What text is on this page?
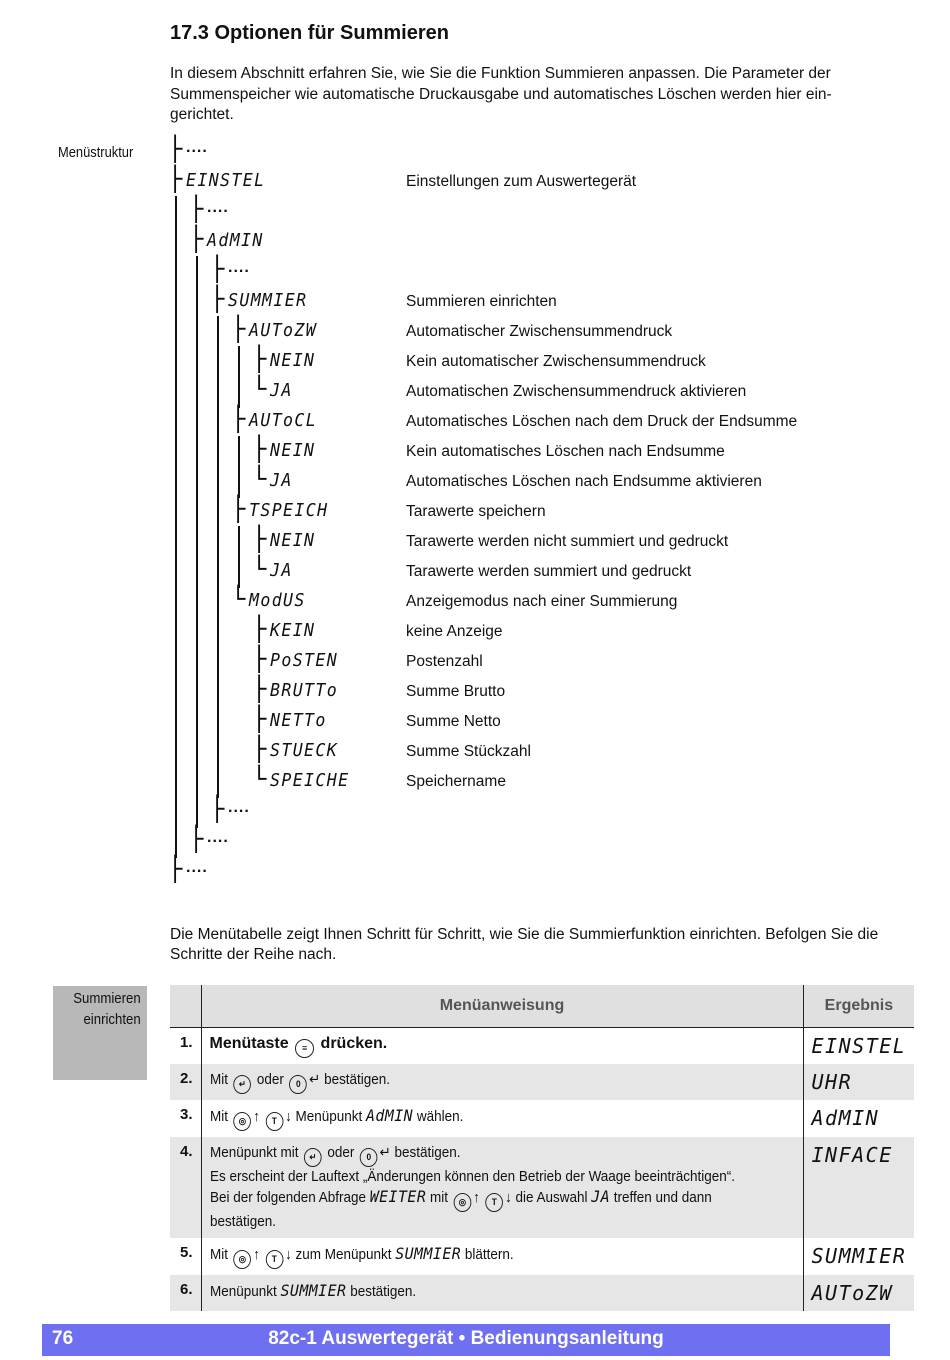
17.3 Optionen für Summieren
In diesem Abschnitt erfahren Sie, wie Sie die Funktion Summieren anpassen. Die Parameter der Summenspeicher wie automatische Druckausgabe und automatisches Löschen werden hier ein-gerichtet.
Menüstruktur ├ ....
├ EINSTEL	Einstellungen zum Auswertegerät
├ ....
├ AdMIN
├ ....
├ SUMMIER	Summieren einrichten
├ AUToZW	Automatischer Zwischensummendruck
├ NEIN	Kein automatischer Zwischensummendruck
└ JA	Automatischen Zwischensummendruck aktivieren
├ AUToCL	Automatisches Löschen nach dem Druck der Endsumme
├ NEIN	Kein automatisches Löschen nach Endsumme
└ JA	Automatisches Löschen nach Endsumme aktivieren
├ TSPEICH	Tarawerte speichern
├ NEIN	Tarawerte werden nicht summiert und gedruckt
└ JA	Tarawerte werden summiert und gedruckt
└ ModUS	Anzeigemodus nach einer Summierung
├ KEIN	keine Anzeige
├ PoSTEN	Postenzahl
├ BRUTTo	Summe Brutto
├ NETTo	Summe Netto
├ STUECK	Summe Stückzahl
└ SPEICHE	Speichername
├ ....
├ ....
├ ....
Die Menütabelle zeigt Ihnen Schritt für Schritt, wie Sie die Summierfunktion einrichten. Befolgen Sie die Schritte der Reihe nach.
Summieren
einrichten
	Menüanweisung	Ergebnis
1.	Menütaste ≡ drücken.	EINSTEL
2.	Mit ↵ oder 0 ↵ bestätigen.	UHR
3.	Mit ◎ ↑ T ↓ Menüpunkt AdMIN wählen.	AdMIN
4.	Menüpunkt mit ↵ oder 0 ↵ bestätigen.
Es erscheint der Lauftext „Änderungen können den Betrieb der Waage beeinträchtigen“.
Bei der folgenden Abfrage WEITER mit ◎ ↑ T ↓ die Auswahl JA treffen und dann
bestätigen.	INFACE
5.	Mit ◎ ↑ T ↓ zum Menüpunkt SUMMIER blättern.	SUMMIER
6.	Menüpunkt SUMMIER bestätigen.	AUToZW
76	82c-1 Auswertegerät • Bedienungsanleitung
